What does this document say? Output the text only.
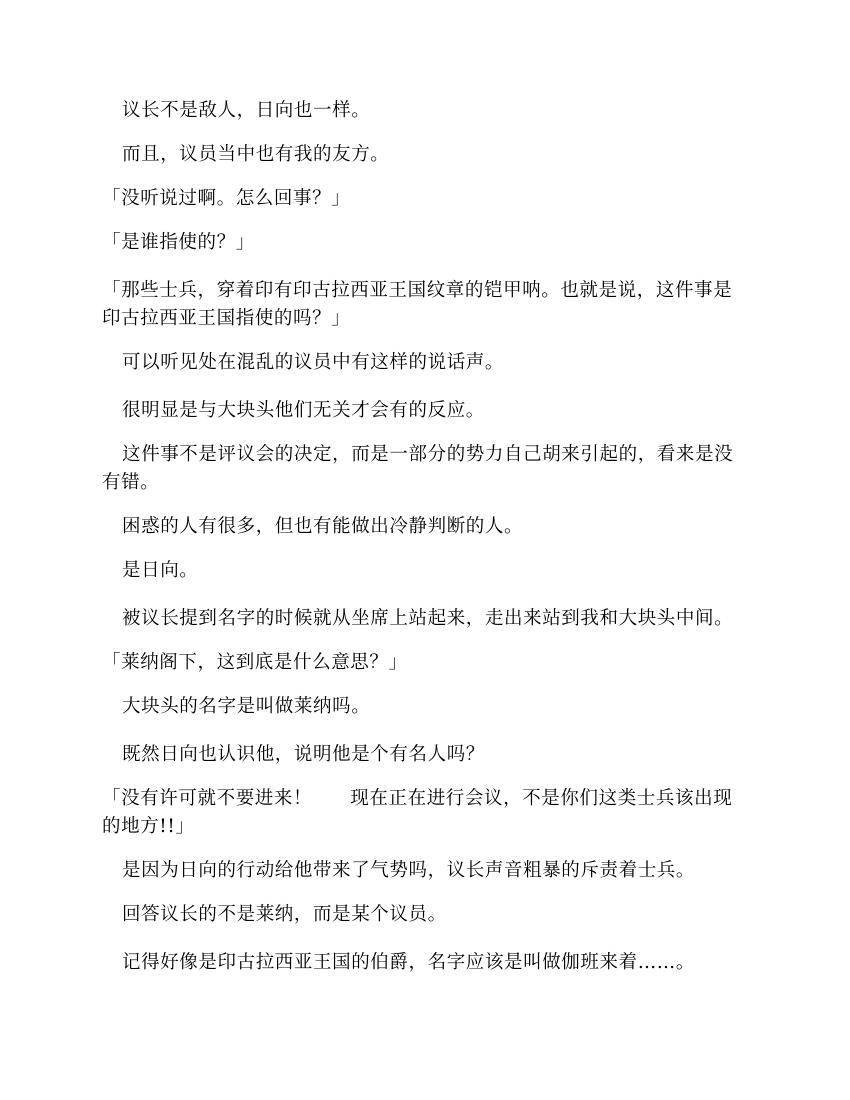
议长不是敌人，日向也一样。

而且，议员当中也有我的友方。

「没听说过啊。怎么回事？」

「是谁指使的？」

「那些士兵，穿着印有印古拉西亚王国纹章的铠甲呐。也就是说，这件事是印古拉西亚王国指使的吗？」

可以听见处在混乱的议员中有这样的说话声。

很明显是与大块头他们无关才会有的反应。

这件事不是评议会的决定，而是一部分的势力自己胡来引起的，看来是没有错。

困惑的人有很多，但也有能做出冷静判断的人。

是日向。

被议长提到名字的时候就从坐席上站起来，走出来站到我和大块头中间。

「莱纳阁下，这到底是什么意思？」

大块头的名字是叫做莱纳吗。

既然日向也认识他，说明他是个有名人吗？

「没有许可就不要进来！　　现在正在进行会议，不是你们这类士兵该出现的地方!!」

是因为日向的行动给他带来了气势吗，议长声音粗暴的斥责着士兵。

回答议长的不是莱纳，而是某个议员。

记得好像是印古拉西亚王国的伯爵，名字应该是叫做伽班来着……。
